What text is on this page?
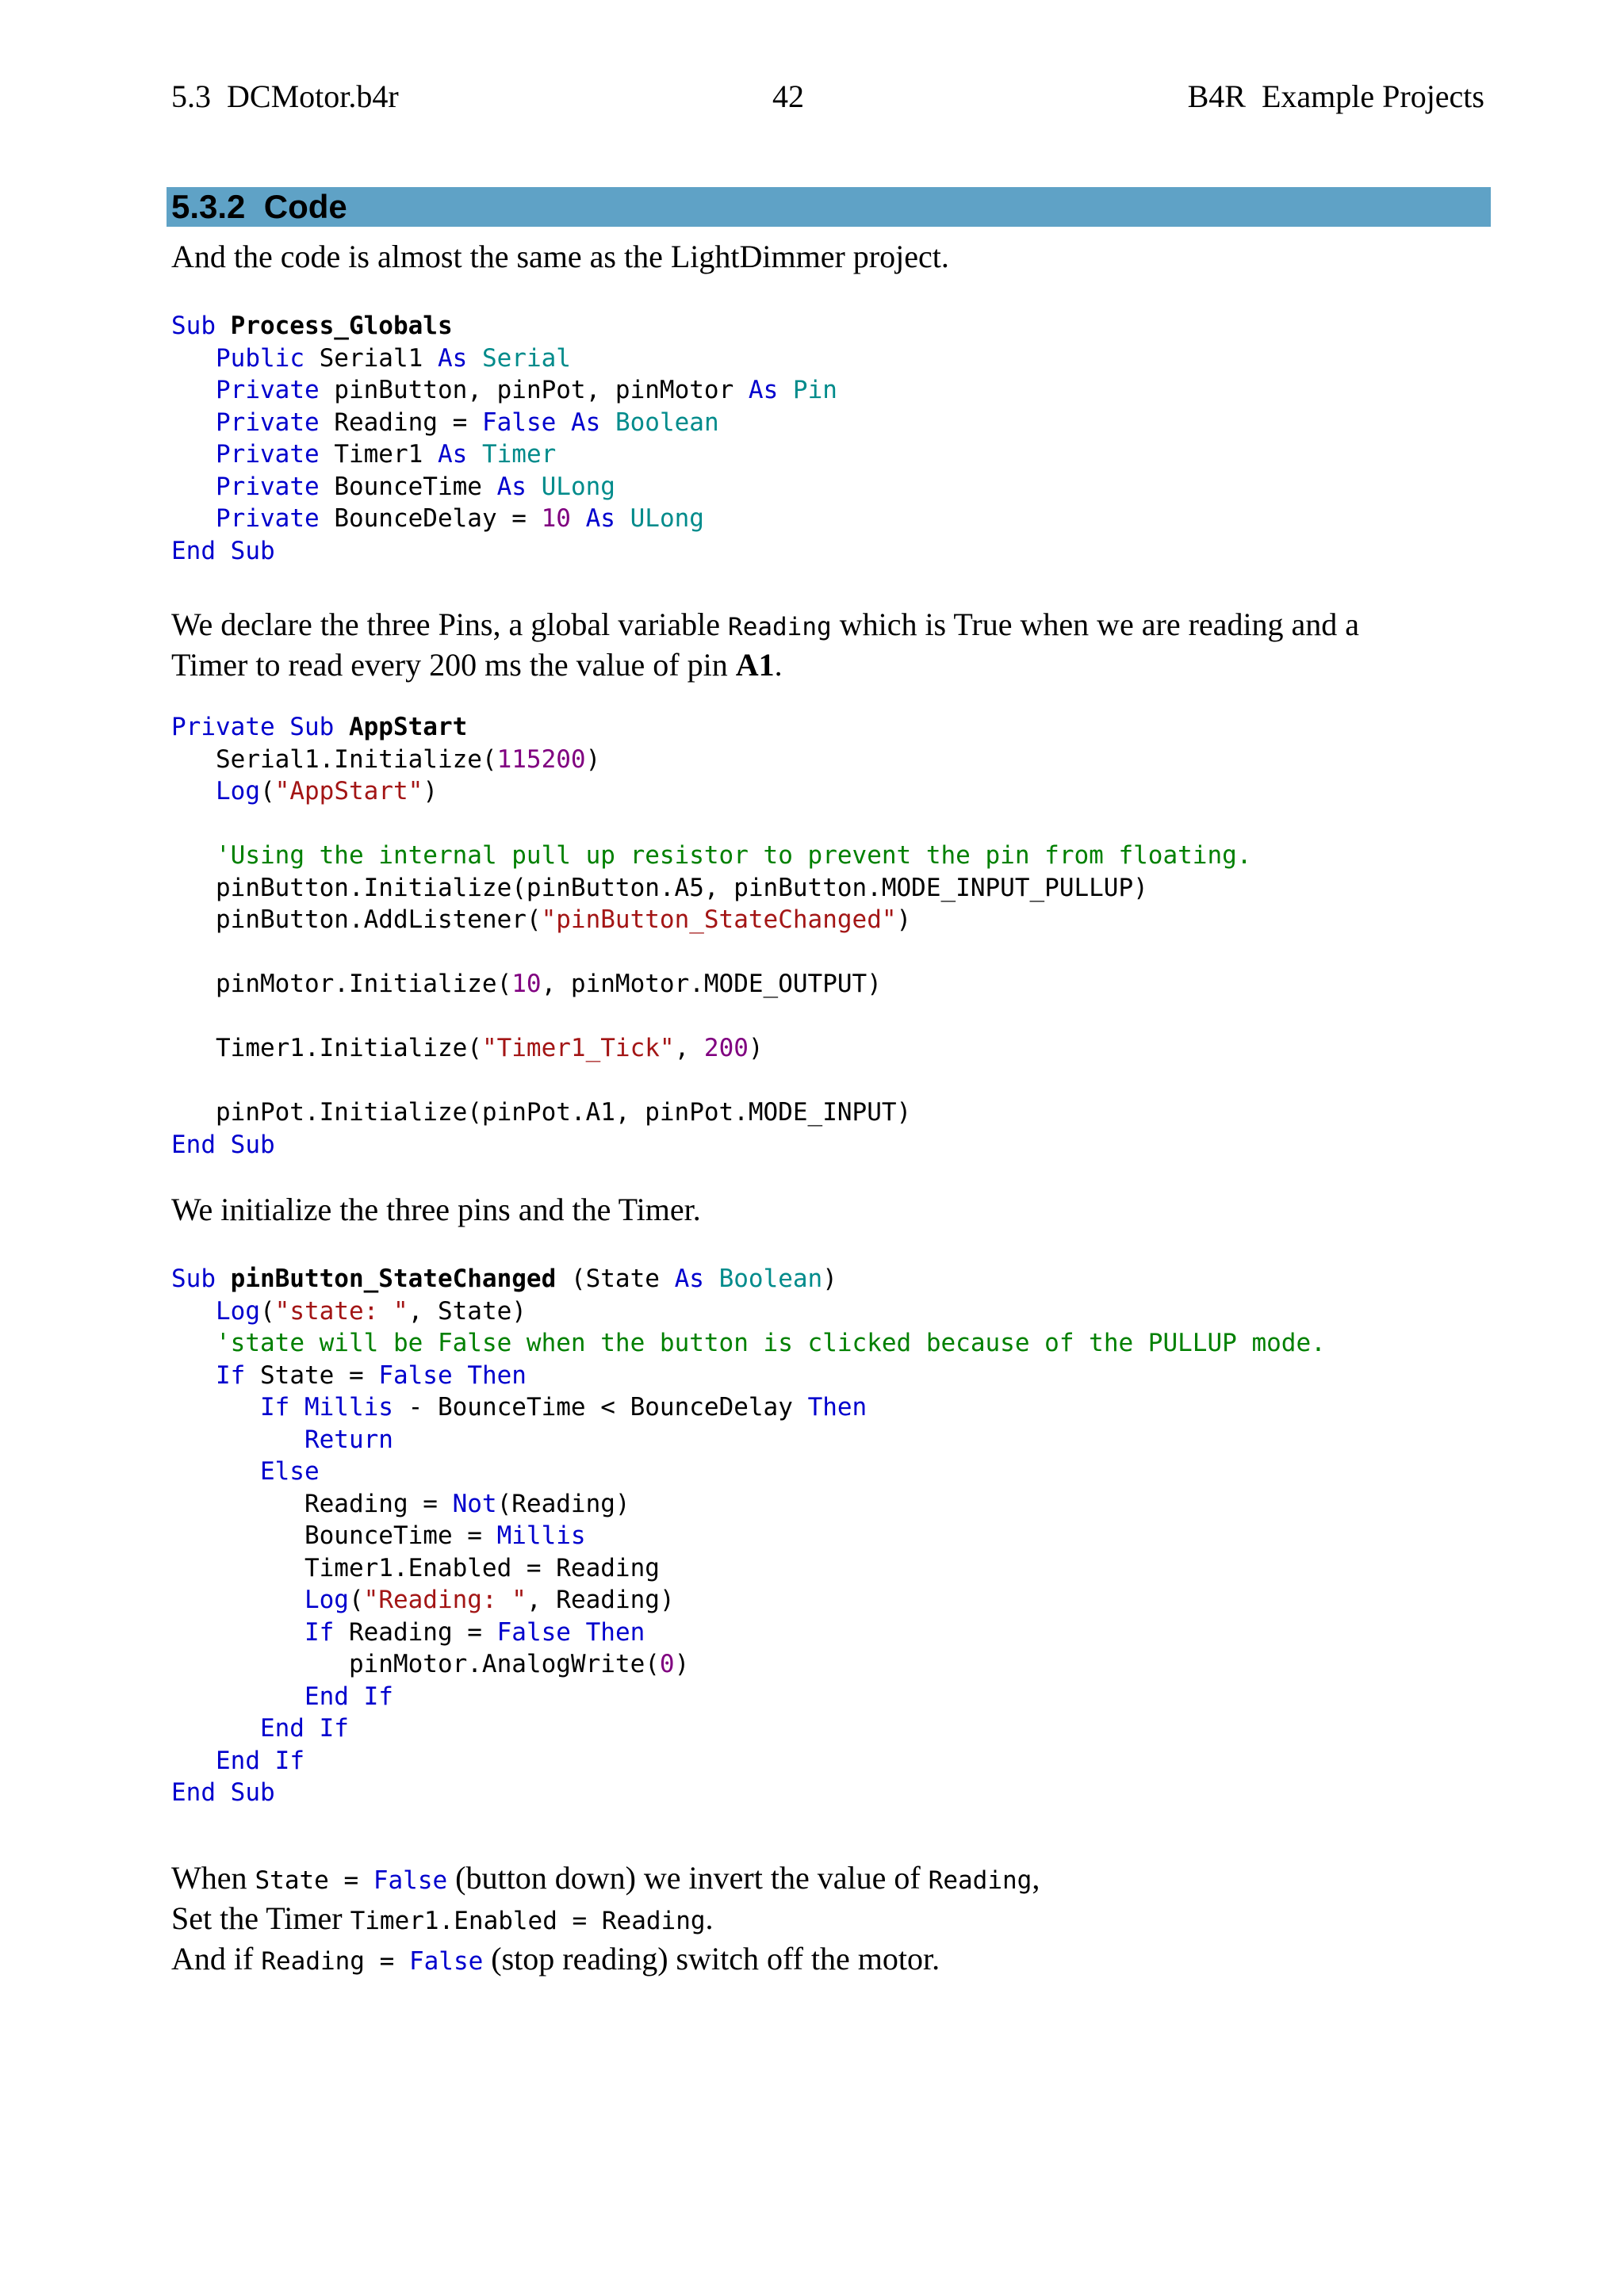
5.3  DCMotor.b4r	42	B4R  Example Projects
5.3.2  Code
And the code is almost the same as the LightDimmer project.
Sub Process_Globals
Public Serial1 As Serial
Private pinButton, pinPot, pinMotor As Pin
Private Reading = False As Boolean
Private Timer1 As Timer
Private BounceTime As ULong
Private BounceDelay = 10 As ULong
End Sub
We declare the three Pins, a global variable Reading which is True when we are reading and a
Timer to read every 200 ms the value of pin A1.
Private Sub AppStart
Serial1.Initialize(115200)
Log("AppStart")
'Using the internal pull up resistor to prevent the pin from floating.
pinButton.Initialize(pinButton.A5, pinButton.MODE_INPUT_PULLUP)
pinButton.AddListener("pinButton_StateChanged")
pinMotor.Initialize(10, pinMotor.MODE_OUTPUT)
Timer1.Initialize("Timer1_Tick", 200)
pinPot.Initialize(pinPot.A1, pinPot.MODE_INPUT)
End Sub
We initialize the three pins and the Timer.
Sub pinButton_StateChanged (State As Boolean)
Log("state: ", State)
'state will be False when the button is clicked because of the PULLUP mode.
If State = False Then
If Millis - BounceTime < BounceDelay Then
Return
Else
Reading = Not(Reading)
BounceTime = Millis
Timer1.Enabled = Reading
Log("Reading: ", Reading)
If Reading = False Then
pinMotor.AnalogWrite(0)
End If
End If
End If
End Sub
When State = False (button down) we invert the value of Reading,
Set the Timer Timer1.Enabled = Reading.
And if Reading = False (stop reading) switch off the motor.
